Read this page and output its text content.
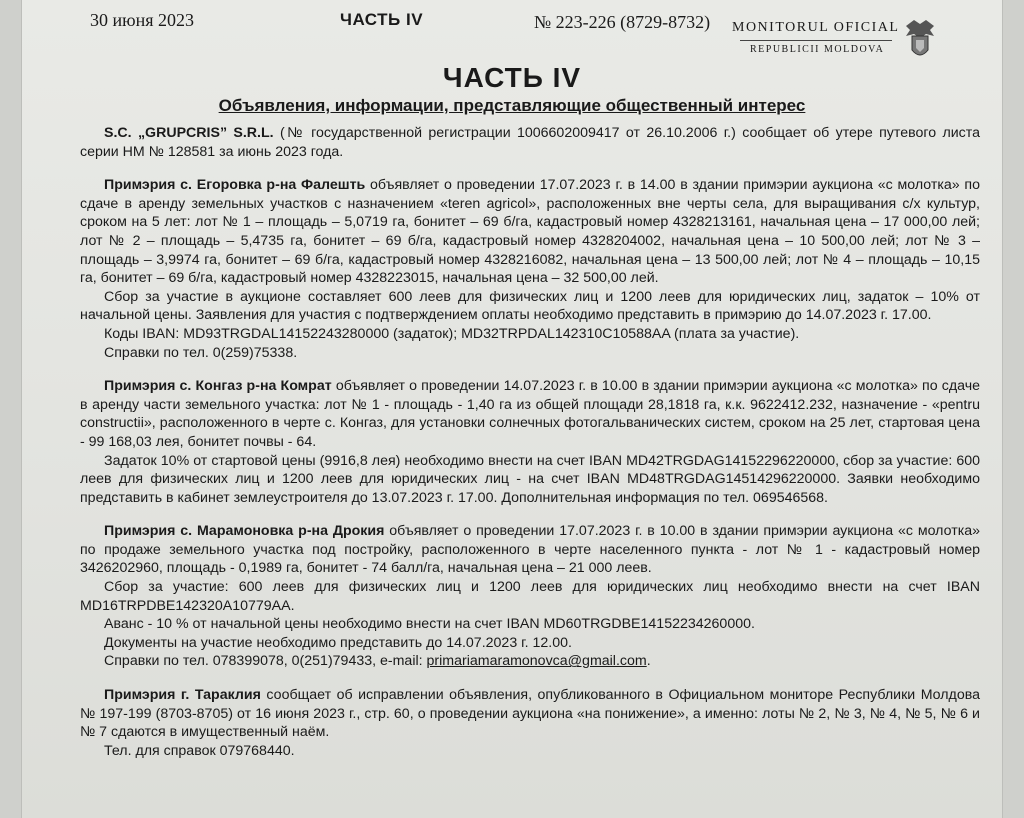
30 июня 2023	ЧАСТЬ IV	№ 223-226 (8729-8732) MONITORUL OFICIAL
REPUBLICII MOLDOVA
ЧАСТЬ IV
Объявления, информации, представляющие общественный интерес

S.C. „GRUPCRIS” S.R.L. (№ государственной регистрации 1006602009417 от 26.10.2006 г.) сообщает об утере путевого листа серии НМ № 128581 за июнь 2023 года.

Примэрия с. Егоровка р-на Фалешть объявляет о проведении 17.07.2023 г. в 14.00 в здании примэрии аукциона «с молотка» по сдаче в аренду земельных участков с назначением «teren agricol», расположенных вне черты села, для выращивания с/х культур, сроком на 5 лет: лот № 1 – площадь – 5,0719 га, бонитет – 69 б/га, кадастровый номер 4328213161, начальная цена – 17 000,00 лей; лот № 2 – площадь – 5,4735 га, бонитет – 69 б/га, кадастровый номер 4328204002, начальная цена – 10 500,00 лей; лот № 3 – площадь – 3,9974 га, бонитет – 69 б/га, кадастровый номер 4328216082, начальная цена – 13 500,00 лей; лот № 4 – площадь – 10,15 га, бонитет – 69 б/га, кадастровый номер 4328223015, начальная цена – 32 500,00 лей.

Сбор за участие в аукционе составляет 600 леев для физических лиц и 1200 леев для юридических лиц, задаток – 10% от начальной цены. Заявления для участия с подтверждением оплаты необходимо представить в примэрию до 14.07.2023 г. 17.00.

Коды IBAN: MD93TRGDAL14152243280000 (задаток); MD32TRPDAL142310C10588AA (плата за участие).

Справки по тел. 0(259)75338.

Примэрия с. Конгаз р-на Комрат объявляет о проведении 14.07.2023 г. в 10.00 в здании примэрии аукциона «с молотка» по сдаче в аренду части земельного участка: лот № 1 - площадь - 1,40 га из общей площади 28,1818 га, к.к. 9622412.232, назначение - «pentru constructii», расположенного в черте с. Конгаз, для установки солнечных фотогальванических систем, сроком на 25 лет, стартовая цена - 99 168,03 лея, бонитет почвы - 64.

Задаток 10% от стартовой цены (9916,8 лея) необходимо внести на счет IBAN MD42TRGDAG14152296220000, сбор за участие: 600 леев для физических лиц и 1200 леев для юридических лиц - на счет IBAN MD48TRGDAG14514296220000. Заявки необходимо представить в кабинет землеустроителя до 13.07.2023 г. 17.00. Дополнительная информация по тел. 069546568.

Примэрия с. Марамоновка р-на Дрокия объявляет о проведении 17.07.2023 г. в 10.00 в здании примэрии аукциона «с молотка» по продаже земельного участка под постройку, расположенного в черте населенного пункта - лот № 1 - кадастровый номер 3426202960, площадь - 0,1989 га, бонитет - 74 балл/га, начальная цена – 21 000 леев.

Сбор за участие: 600 леев для физических лиц и 1200 леев для юридических лиц необходимо внести на счет IBAN MD16TRPDBE142320A10779AA.

Аванс - 10 % от начальной цены необходимо внести на счет IBAN MD60TRGDBE14152234260000.

Документы на участие необходимо представить до 14.07.2023 г. 12.00.

Справки по тел. 078399078, 0(251)79433, e-mail: primariamaramonovca@gmail.com.

Примэрия г. Тараклия сообщает об исправлении объявления, опубликованного в Официальном мониторе Республики Молдова № 197-199 (8703-8705) от 16 июня 2023 г., стр. 60, о проведении аукциона «на понижение», а именно: лоты № 2, № 3, № 4, № 5, № 6 и № 7 сдаются в имущественный наём.

Тел. для справок 079768440.
